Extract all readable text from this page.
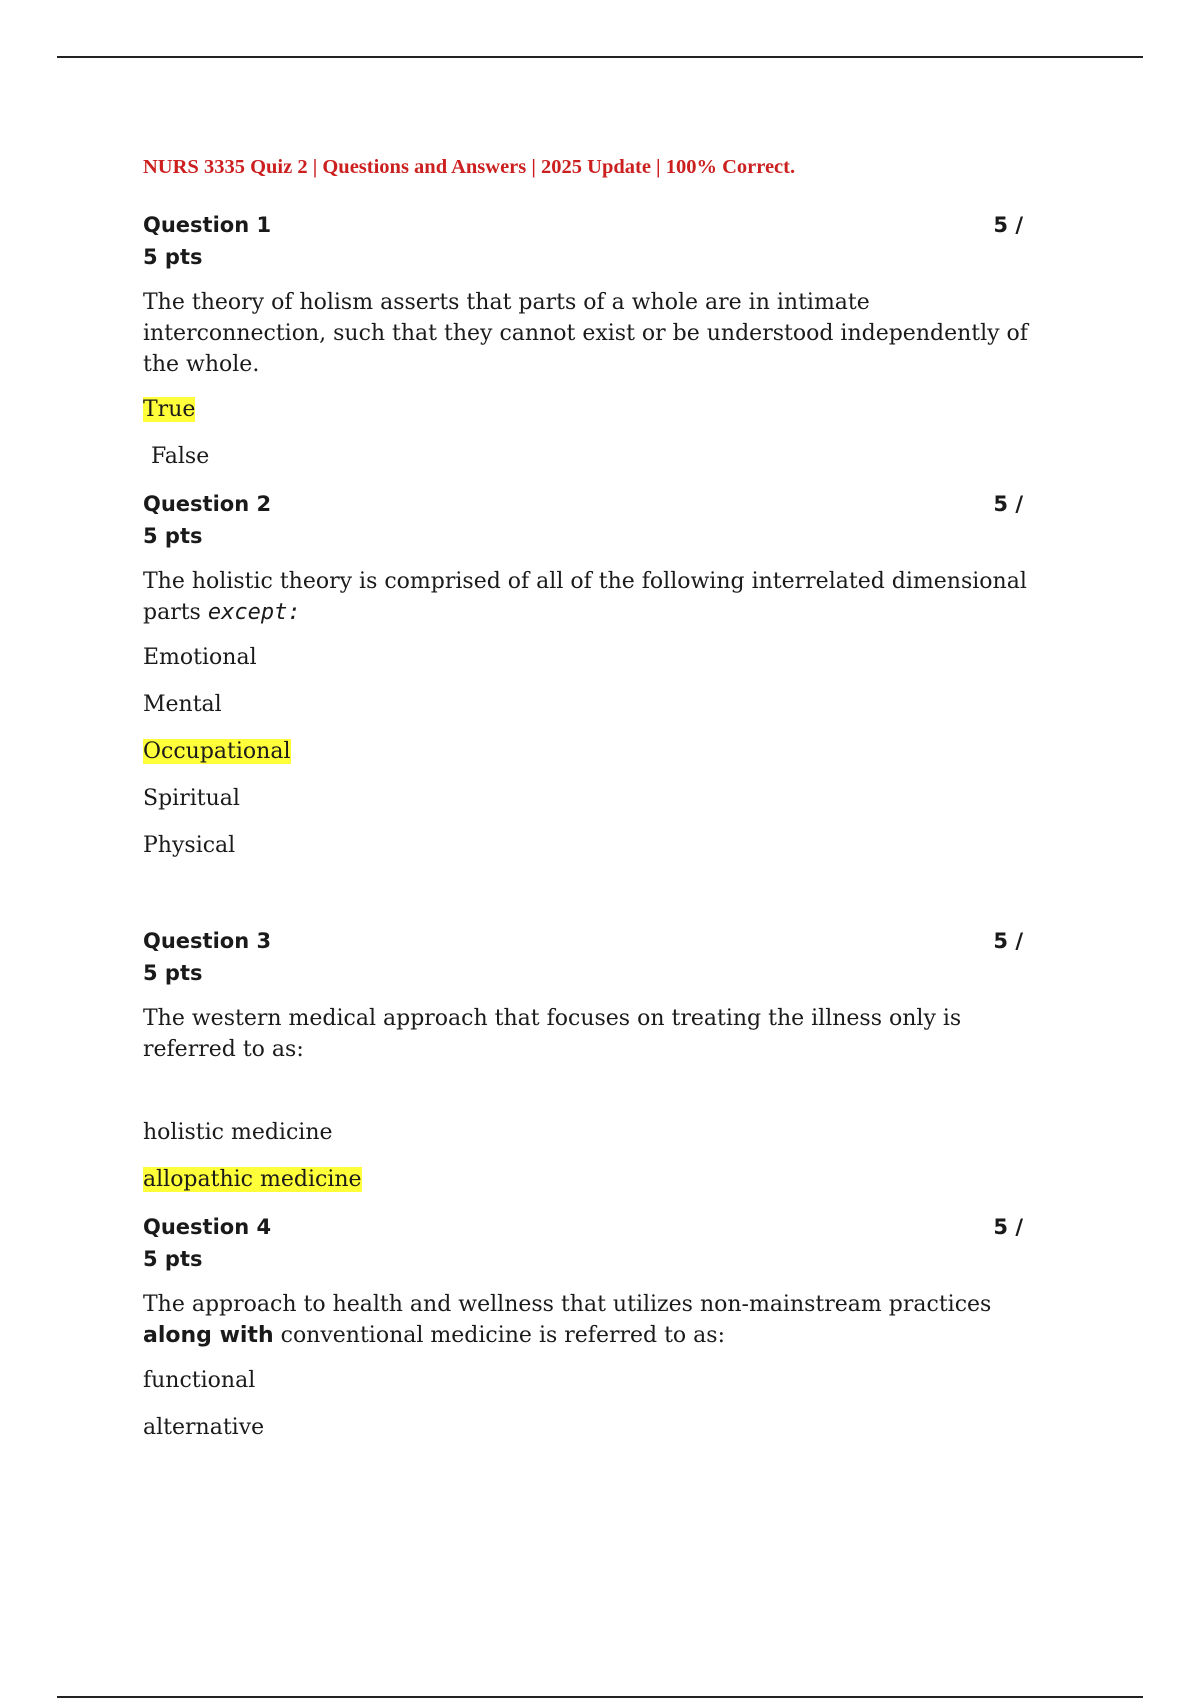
NURS 3335 Quiz 2 | Questions and Answers | 2025 Update | 100% Correct.
Question 1	5 /
5 pts
The theory of holism asserts that parts of a whole are in intimate interconnection, such that they cannot exist or be understood independently of the whole.
True
False
Question 2	5 /
5 pts
The holistic theory is comprised of all of the following interrelated dimensional parts except:
Emotional
Mental
Occupational
Spiritual
Physical
Question 3	5 /
5 pts
The western medical approach that focuses on treating the illness only is referred to as:
holistic medicine
allopathic medicine
Question 4	5 /
5 pts
The approach to health and wellness that utilizes non-mainstream practices along with conventional medicine is referred to as:
functional
alternative
